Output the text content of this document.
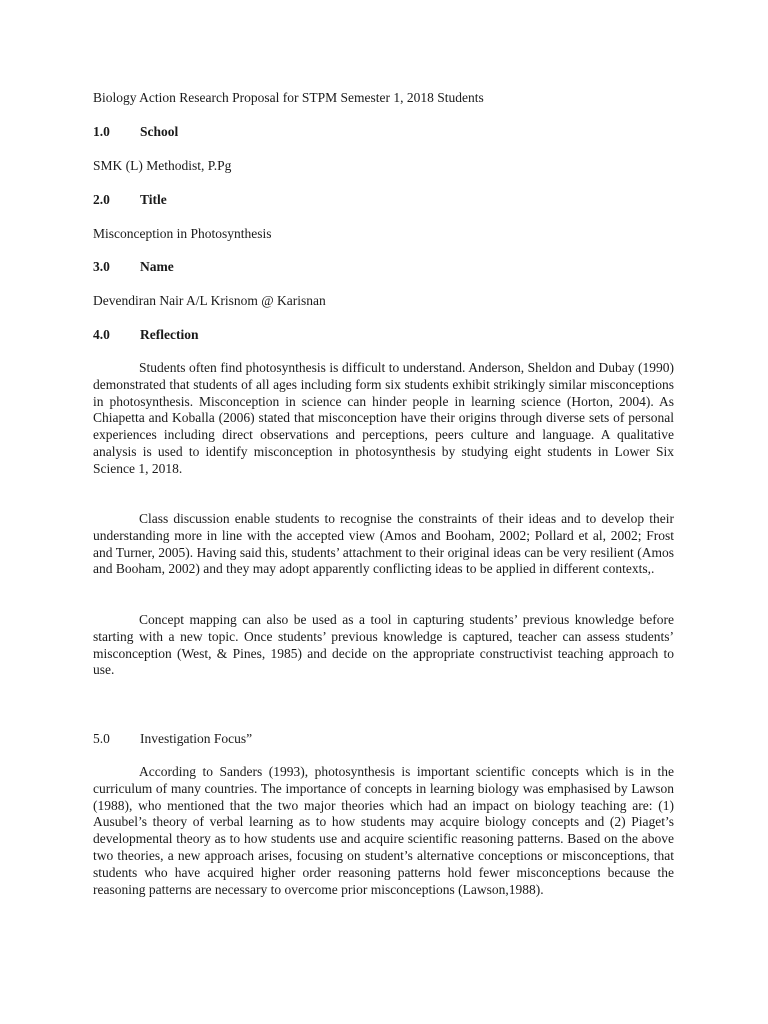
Biology Action Research Proposal for STPM Semester 1, 2018 Students
1.0 School
SMK (L) Methodist, P.Pg
2.0 Title
Misconception in Photosynthesis
3.0 Name
Devendiran Nair A/L Krisnom @ Karisnan
4.0 Reflection

Students often find photosynthesis is difficult to understand. Anderson, Sheldon and Dubay (1990) demonstrated that students of all ages including form six students exhibit strikingly similar misconceptions in photosynthesis. Misconception in science can hinder people in learning science (Horton, 2004). As Chiapetta and Koballa (2006) stated that misconception have their origins through diverse sets of personal experiences including direct observations and perceptions, peers culture and language. A qualitative analysis is used to identify misconception in photosynthesis by studying eight students in Lower Six Science 1, 2018.

Class discussion enable students to recognise the constraints of their ideas and to develop their understanding more in line with the accepted view (Amos and Booham, 2002; Pollard et al, 2002; Frost and Turner, 2005). Having said this, students’ attachment to their original ideas can be very resilient (Amos and Booham, 2002) and they may adopt apparently conflicting ideas to be applied in different contexts,.

Concept mapping can also be used as a tool in capturing students’ previous knowledge before starting with a new topic. Once students’ previous knowledge is captured, teacher can assess students’ misconception (West, & Pines, 1985) and decide on the appropriate constructivist teaching approach to use.

5.0 Investigation Focus”

According to Sanders (1993), photosynthesis is important scientific concepts which is in the curriculum of many countries. The importance of concepts in learning biology was emphasised by Lawson (1988), who mentioned that the two major theories which had an impact on biology teaching are: (1) Ausubel’s theory of verbal learning as to how students may acquire biology concepts and (2) Piaget’s developmental theory as to how students use and acquire scientific reasoning patterns. Based on the above two theories, a new approach arises, focusing on student’s alternative conceptions or misconceptions, that students who have acquired higher order reasoning patterns hold fewer misconceptions because the reasoning patterns are necessary to overcome prior misconceptions (Lawson,1988).
